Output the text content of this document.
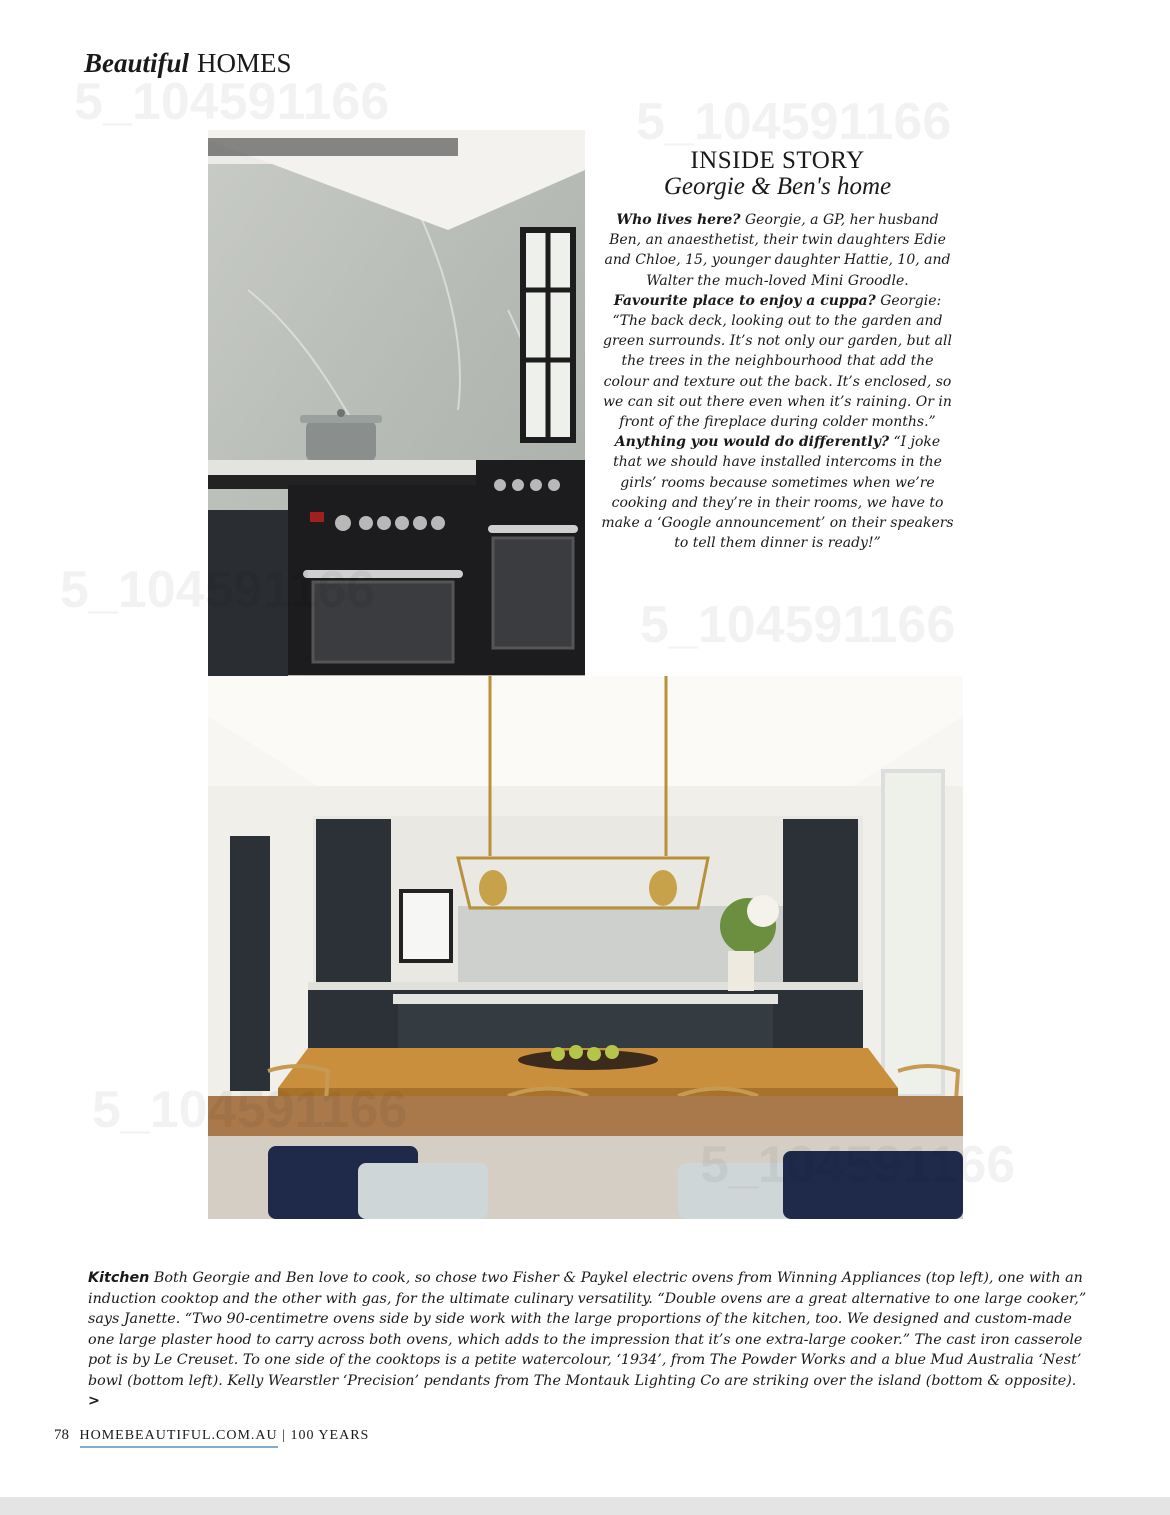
Beautiful HOMES
INSIDE STORY
Georgie & Ben's home

Who lives here? Georgie, a GP, her husband Ben, an anaesthetist, their twin daughters Edie and Chloe, 15, younger daughter Hattie, 10, and Walter the much-loved Mini Groodle.

Favourite place to enjoy a cuppa? Georgie: “The back deck, looking out to the garden and green surrounds. It’s not only our garden, but all the trees in the neighbourhood that add the colour and texture out the back. It’s enclosed, so we can sit out there even when it’s raining. Or in front of the fireplace during colder months.”

Anything you would do differently? “I joke that we should have installed intercoms in the girls’ rooms because sometimes when we’re cooking and they’re in their rooms, we have to make a ‘Google announcement’ on their speakers to tell them dinner is ready!”

5_104591166	5_104591166
5_104591166
Kitchen Both Georgie and Ben love to cook, so chose two Fisher & Paykel electric ovens from Winning Appliances (top left), one with an induction cooktop and the other with gas, for the ultimate culinary versatility. “Double ovens are a great alternative to one large cooker,” says Janette. “Two 90-centimetre ovens side by side work with the large proportions of the kitchen, too. We designed and custom-made one large plaster hood to carry across both ovens, which adds to the impression that it’s one extra-large cooker.” The cast iron casserole pot is by Le Creuset. To one side of the cooktops is a petite watercolour, ‘1934’, from The Powder Works and a blue Mud Australia ‘Nest’ bowl (bottom left). Kelly Wearstler ‘Precision’ pendants from The Montauk Lighting Co are striking over the island (bottom & opposite). >
78 HOMEBEAUTIFUL.COM.AU | 100 YEARS
